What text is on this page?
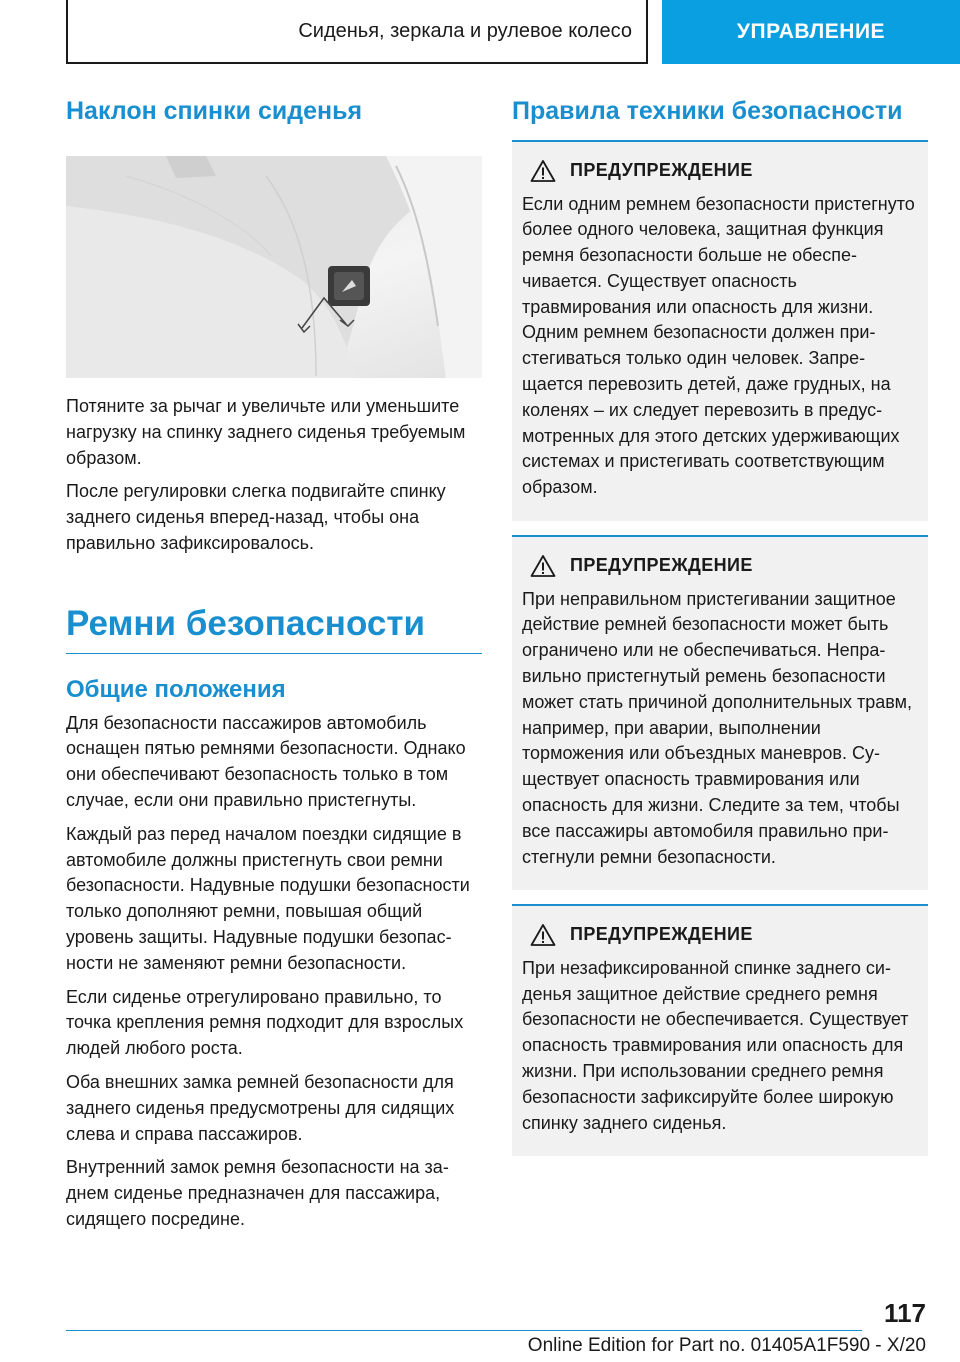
Сиденья, зеркала и рулевое колесо	УПРАВЛЕНИЕ
Наклон спинки сиденья

Потяните за рычаг и увеличьте или уменьшите нагрузку на спинку заднего сиденья требуемым образом.

После регулировки слегка подвигайте спинку заднего сиденья вперед-назад, чтобы она правильно зафиксировалось.

Ремни безопасности
Общие положения

Для безопасности пассажиров автомобиль оснащен пятью ремнями безопасности. Однако они обеспечивают безопасность только в том случае, если они правильно пристегнуты.

Каждый раз перед началом поездки сидящие в автомобиле должны пристегнуть свои ремни безопасности. Надувные подушки безопасности только дополняют ремни, повышая общий уровень защиты. Надувные подушки безопасности не заменяют ремни безопасности.

Если сиденье отрегулировано правильно, то точка крепления ремня подходит для взрослых людей любого роста.

Оба внешних замка ремней безопасности для заднего сиденья предусмотрены для сидящих слева и справа пассажиров.

Внутренний замок ремня безопасности на заднем сиденье предназначен для пассажира, сидящего посредине.

Правила техники безопасности
ПРЕДУПРЕЖДЕНИЕ

Если одним ремнем безопасности пристегнуто более одного человека, защитная функция ремня безопасности больше не обеспечивается. Существует опасность травмирования или опасность для жизни. Одним ремнем безопасности должен пристегиваться только один человек. Запрещается перевозить детей, даже грудных, на коленях – их следует перевозить в предусмотренных для этого детских удерживающих системах и пристегивать соответствующим образом.

ПРЕДУПРЕЖДЕНИЕ

При неправильном пристегивании защитное действие ремней безопасности может быть ограничено или не обеспечиваться. Неправильно пристегнутый ремень безопасности может стать причиной дополнительных травм, например, при аварии, выполнении торможения или объездных маневров. Существует опасность травмирования или опасность для жизни. Следите за тем, чтобы все пассажиры автомобиля правильно пристегнули ремни безопасности.

ПРЕДУПРЕЖДЕНИЕ

При незафиксированной спинке заднего сиденья защитное действие среднего ремня безопасности не обеспечивается. Существует опасность травмирования или опасность для жизни. При использовании среднего ремня безопасности зафиксируйте более широкую спинку заднего сиденья.

117
Online Edition for Part no. 01405A1F590 - X/20
